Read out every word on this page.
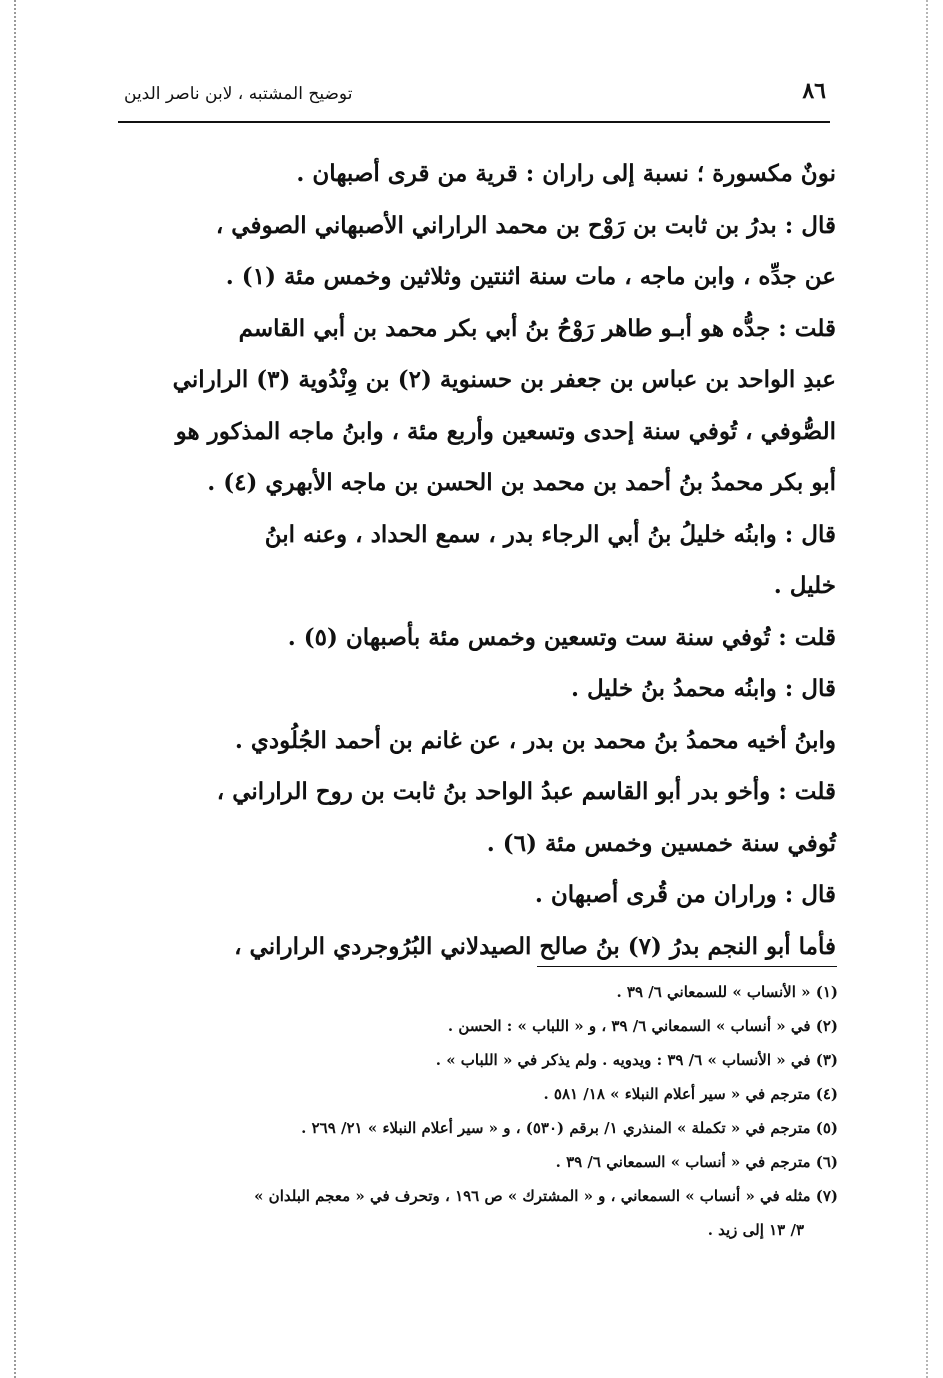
٨٦
توضيح المشتبه ، لابن ناصر الدين
نونٌ مكسورة ؛ نسبة إلى راران : قرية من قرى أصبهان .
قال : بدرُ بن ثابت بن رَوْح بن محمد الراراني الأصبهاني الصوفي ،
عن جدِّه ، وابن ماجه ، مات سنة اثنتين وثلاثين وخمس مئة (١) .
قلت : جدُّه هو أبـو طاهر رَوْحُ بنُ أبي بكر محمد بن أبي القاسم
عبدِ الواحد بن عباس بن جعفر بن حسنوية (٢) بن وِنْدُوية (٣) الراراني
الصُّوفي ، تُوفي سنة إحدى وتسعين وأربع مئة ، وابنُ ماجه المذكور هو
أبو بكر محمدُ بنُ أحمد بن محمد بن الحسن بن ماجه الأبهري (٤) .
قال : وابنُه خليلُ بنُ أبي الرجاء بدر ، سمع الحداد ، وعنه ابنُ
خليل .
قلت : تُوفي سنة ست وتسعين وخمس مئة بأصبهان (٥) .
قال : وابنُه محمدُ بنُ خليل .
وابنُ أخيه محمدُ بنُ محمد بن بدر ، عن غانم بن أحمد الجُلُودي .
قلت : وأخو بدر أبو القاسم عبدُ الواحد بنُ ثابت بن روح الراراني ،
تُوفي سنة خمسين وخمس مئة (٦) .
قال : وراران من قُرى أصبهان .
فأما أبو النجم بدرُ (٧) بنُ صالح الصيدلاني البُرُوجردي الراراني ،
(١) « الأنساب » للسمعاني ٦/ ٣٩ .
(٢) في « أنساب » السمعاني ٦/ ٣٩ ، و « اللباب » : الحسن .
(٣) في « الأنساب » ٦/ ٣٩ : ويدويه . ولم يذكر في « اللباب » .
(٤) مترجم في « سير أعلام النبلاء » ١٨/ ٥٨١ .
(٥) مترجم في « تكملة » المنذري ١/ برقم (٥٣٠) ، و « سير أعلام النبلاء » ٢١/ ٢٦٩ .
(٦) مترجم في « أنساب » السمعاني ٦/ ٣٩ .
(٧) مثله في « أنساب » السمعاني ، و « المشترك » ص ١٩٦ ، وتحرف في « معجم البلدان »
٣/ ١٣ إلى زيد .
